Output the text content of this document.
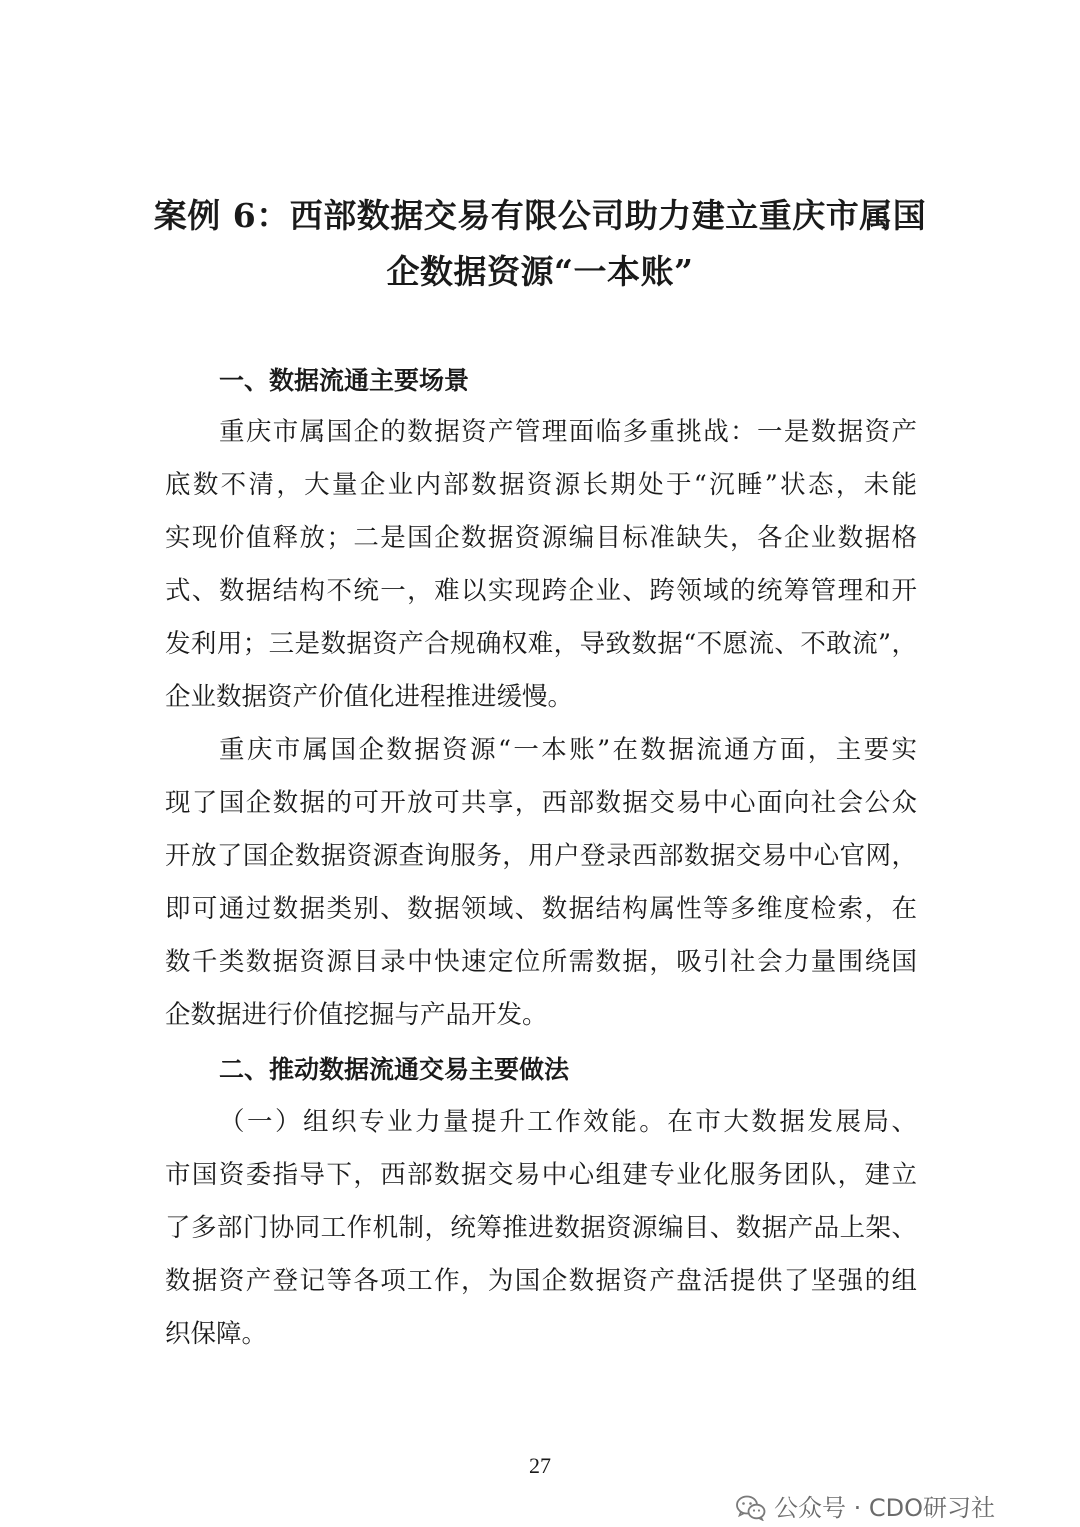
案例 6：西部数据交易有限公司助力建立重庆市属国
企数据资源“一本账”
一、数据流通主要场景
重庆市属国企的数据资产管理面临多重挑战：一是数据资产
底数不清，大量企业内部数据资源长期处于“沉睡”状态，未能
实现价值释放；二是国企数据资源编目标准缺失，各企业数据格
式、数据结构不统一，难以实现跨企业、跨领域的统筹管理和开
发利用；三是数据资产合规确权难，导致数据“不愿流、不敢流”，
企业数据资产价值化进程推进缓慢。
重庆市属国企数据资源“一本账”在数据流通方面，主要实
现了国企数据的可开放可共享，西部数据交易中心面向社会公众
开放了国企数据资源查询服务，用户登录西部数据交易中心官网，
即可通过数据类别、数据领域、数据结构属性等多维度检索，在
数千类数据资源目录中快速定位所需数据，吸引社会力量围绕国
企数据进行价值挖掘与产品开发。
二、推动数据流通交易主要做法
（一）组织专业力量提升工作效能。在市大数据发展局、
市国资委指导下，西部数据交易中心组建专业化服务团队，建立
了多部门协同工作机制，统筹推进数据资源编目、数据产品上架、
数据资产登记等各项工作，为国企数据资产盘活提供了坚强的组
织保障。
27
公众号 · CDO研习社
